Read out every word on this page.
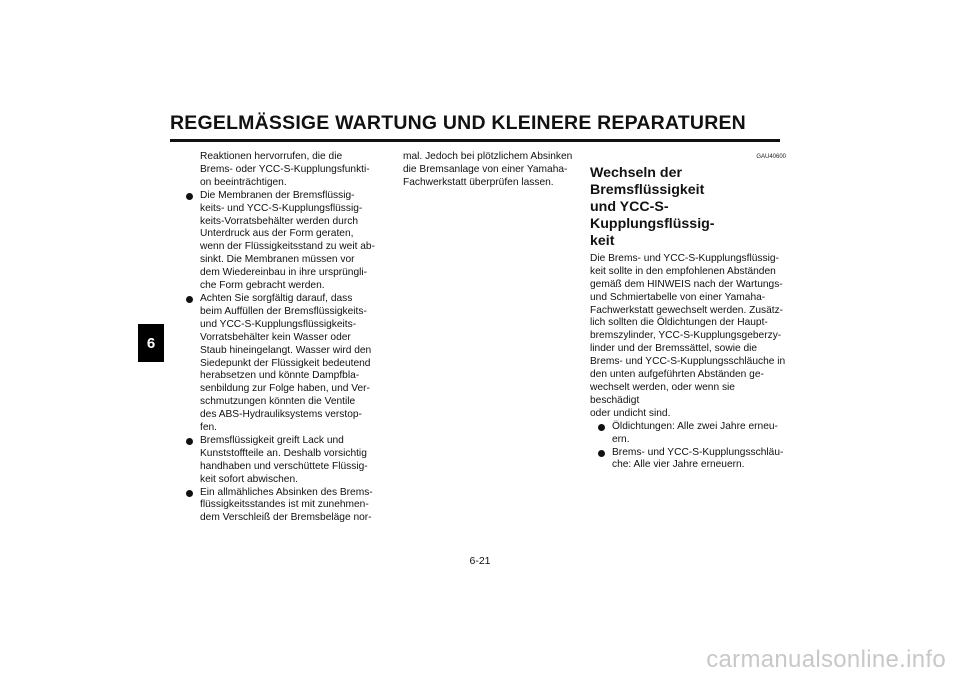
REGELMÄSSIGE WARTUNG UND KLEINERE REPARATUREN
6

Reaktionen hervorrufen, die die
Brems- oder YCC-S-Kupplungsfunkti-
on beeinträchtigen.

Die Membranen der Bremsflüssig-
keits- und YCC-S-Kupplungsflüssig-
keits-Vorratsbehälter werden durch
Unterdruck aus der Form geraten,
wenn der Flüssigkeitsstand zu weit ab-
sinkt. Die Membranen müssen vor
dem Wiedereinbau in ihre ursprüngli-
che Form gebracht werden.
Achten Sie sorgfältig darauf, dass
beim Auffüllen der Bremsflüssigkeits-
und YCC-S-Kupplungsflüssigkeits-
Vorratsbehälter kein Wasser oder
Staub hineingelangt. Wasser wird den
Siedepunkt der Flüssigkeit bedeutend
herabsetzen und könnte Dampfbla-
senbildung zur Folge haben, und Ver-
schmutzungen könnten die Ventile
des ABS-Hydrauliksystems verstop-
fen.
Bremsflüssigkeit greift Lack und
Kunststoffteile an. Deshalb vorsichtig
handhaben und verschüttete Flüssig-
keit sofort abwischen.
Ein allmähliches Absinken des Brems-
flüssigkeitsstandes ist mit zunehmen-
dem Verschleiß der Bremsbeläge nor-

mal. Jedoch bei plötzlichem Absinken
die Bremsanlage von einer Yamaha-
Fachwerkstatt überprüfen lassen.

GAU40600
Wechseln der Bremsflüssigkeit
und YCC-S-Kupplungsflüssig-
keit

Die Brems- und YCC-S-Kupplungsflüssig-
keit sollte in den empfohlenen Abständen
gemäß dem HINWEIS nach der Wartungs-
und Schmiertabelle von einer Yamaha-
Fachwerkstatt gewechselt werden. Zusätz-
lich sollten die Öldichtungen der Haupt-
bremszylinder, YCC-S-Kupplungsgeberzy-
linder und der Bremssättel, sowie die
Brems- und YCC-S-Kupplungsschläuche in
den unten aufgeführten Abständen ge-
wechselt werden, oder wenn sie beschädigt
oder undicht sind.

Öldichtungen: Alle zwei Jahre erneu-
ern.
Brems- und YCC-S-Kupplungsschläu-
che: Alle vier Jahre erneuern.
6-21
carmanualsonline.info
